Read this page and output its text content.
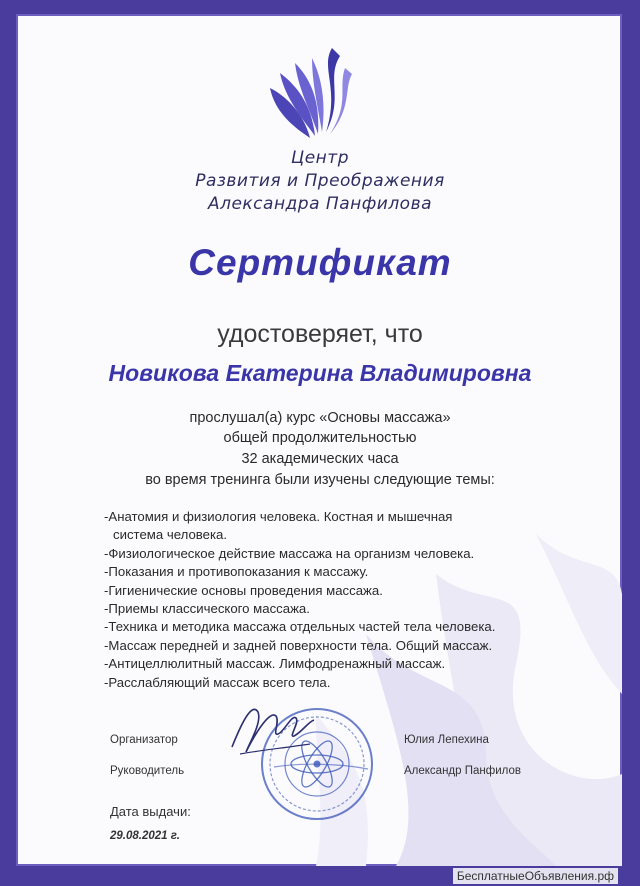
Центр
Развития и Преображения
Александра Панфилова
Сертификат
удостоверяет, что
Новикова Екатерина Владимировна
прослушал(а) курс «Основы массажа»
общей продолжительностью
32 академических часа
во время тренинга были изучены следующие темы:
-Анатомия и физиология человека. Костная и мышечная
система человека.
-Физиологическое действие массажа на организм человека.
-Показания и противопоказания к массажу.
-Гигиенические основы проведения массажа.
-Приемы классического массажа.
-Техника и методика массажа отдельных частей тела человека.
-Массаж передней и задней поверхности тела. Общий массаж.
-Антицеллюлитный массаж. Лимфодренажный массаж.
-Расслабляющий массаж всего тела.
Организатор	Юлия Лепехина
Руководитель	Александр Панфилов
Дата выдачи:
29.08.2021 г.
БесплатныеОбъявления.рф
